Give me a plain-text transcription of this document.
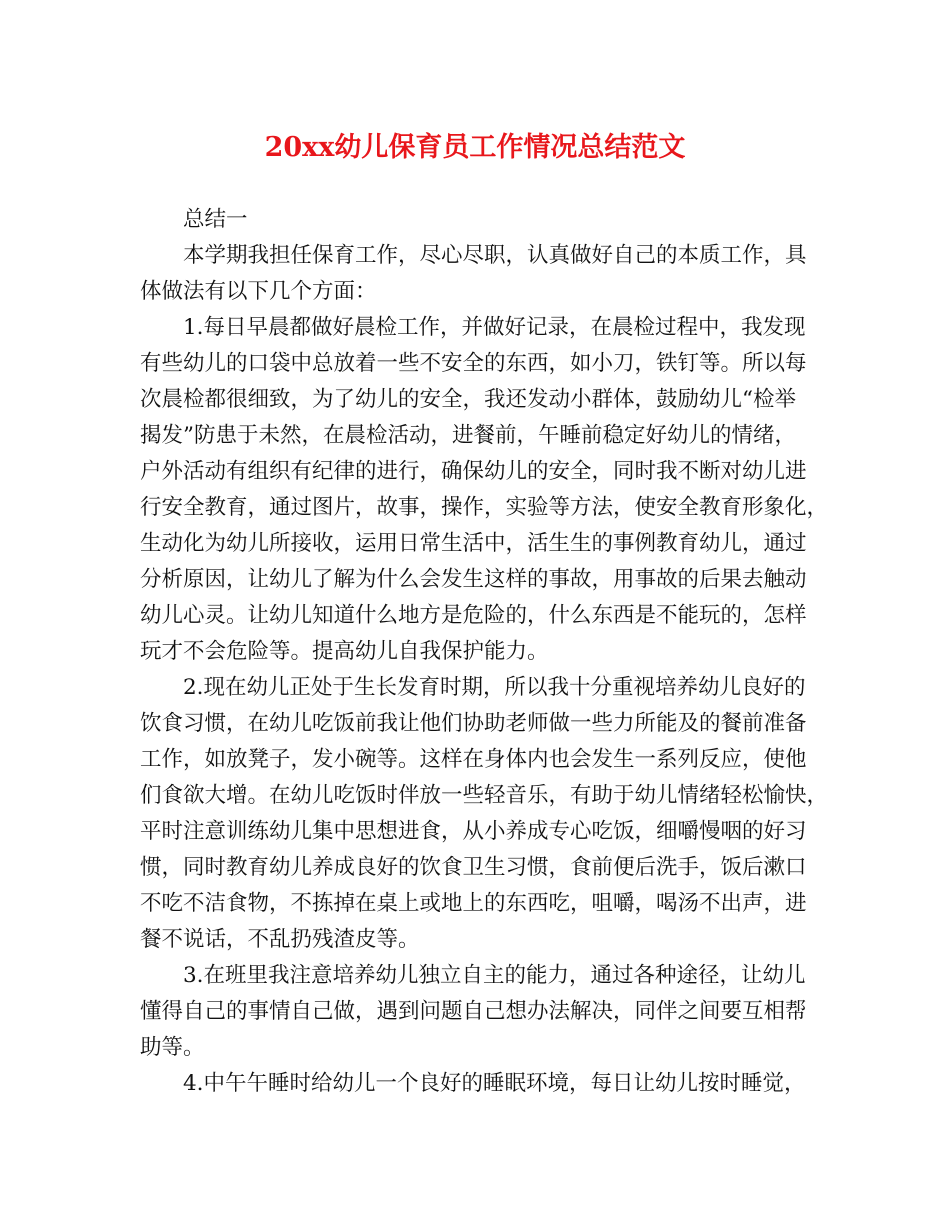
20xx幼儿保育员工作情况总结范文

总结一

本学期我担任保育工作，尽心尽职，认真做好自己的本质工作，具

体做法有以下几个方面：

1.每日早晨都做好晨检工作，并做好记录，在晨检过程中，我发现

有些幼儿的口袋中总放着一些不安全的东西，如小刀，铁钉等。所以每

次晨检都很细致，为了幼儿的安全，我还发动小群体，鼓励幼儿“检举

揭发”防患于未然，在晨检活动，进餐前，午睡前稳定好幼儿的情绪，

户外活动有组织有纪律的进行，确保幼儿的安全，同时我不断对幼儿进

行安全教育，通过图片，故事，操作，实验等方法，使安全教育形象化，

生动化为幼儿所接收，运用日常生活中，活生生的事例教育幼儿，通过

分析原因，让幼儿了解为什么会发生这样的事故，用事故的后果去触动

幼儿心灵。让幼儿知道什么地方是危险的，什么东西是不能玩的，怎样

玩才不会危险等。提高幼儿自我保护能力。

2.现在幼儿正处于生长发育时期，所以我十分重视培养幼儿良好的

饮食习惯，在幼儿吃饭前我让他们协助老师做一些力所能及的餐前准备

工作，如放凳子，发小碗等。这样在身体内也会发生一系列反应，使他

们食欲大增。在幼儿吃饭时伴放一些轻音乐，有助于幼儿情绪轻松愉快，

平时注意训练幼儿集中思想进食，从小养成专心吃饭，细嚼慢咽的好习

惯，同时教育幼儿养成良好的饮食卫生习惯，食前便后洗手，饭后漱口

不吃不洁食物，不拣掉在桌上或地上的东西吃，咀嚼，喝汤不出声，进

餐不说话，不乱扔残渣皮等。

3.在班里我注意培养幼儿独立自主的能力，通过各种途径，让幼儿

懂得自己的事情自己做，遇到问题自己想办法解决，同伴之间要互相帮

助等。

4.中午午睡时给幼儿一个良好的睡眠环境，每日让幼儿按时睡觉，
